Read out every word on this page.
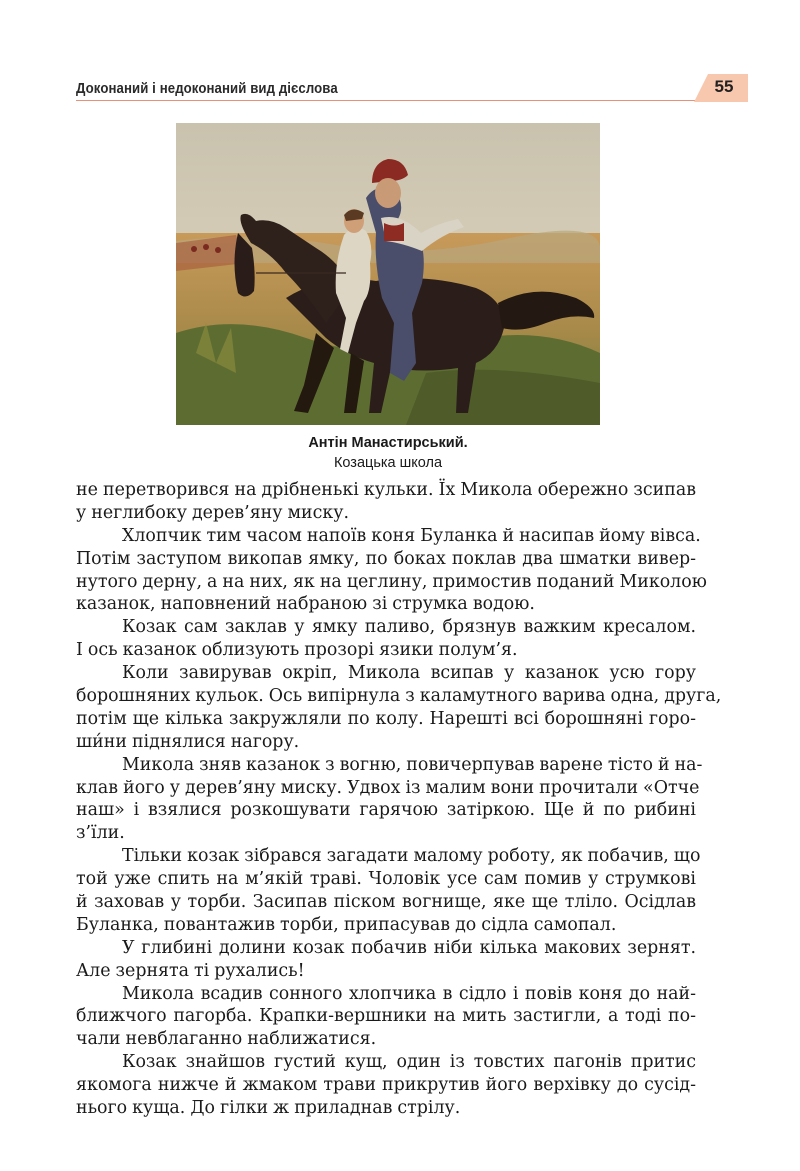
Доконаний і недоконаний вид дієслова	55
Антін Манастирський.
Козацька школа
не перетворився на дрібненькі кульки. Їх Микола обережно зсипав
у неглибоку дерев’яну миску.
Хлопчик тим часом напоїв коня Буланка й насипав йому вівса.
Потім заступом викопав ямку, по боках поклав два шматки вивер-
нутого дерну, а на них, як на цеглину, примостив поданий Миколою
казанок, наповнений набраною зі струмка водою.
Козак сам заклав у ямку паливо, брязнув важким кресалом.
І ось казанок облизують прозорі язики полум’я.
Коли завирував окріп, Микола всипав у казанок усю гору
борошняних кульок. Ось випірнула з каламутного варива одна, друга,
потім ще кілька закружляли по колу. Нарешті всі борошняні горо-
ши́ни піднялися нагору.
Микола зняв казанок з вогню, повичерпував варене тісто й на-
клав його у дерев’яну миску. Удвох із малим вони прочитали «Отче
наш» і взялися розкошувати гарячою затіркою. Ще й по рибині
з’їли.
Тільки козак зібрався загадати малому роботу, як побачив, що
той уже спить на м’якій траві. Чоловік усе сам помив у струмкові
й заховав у торби. Засипав піском вогнище, яке ще тліло. Осідлав
Буланка, повантажив торби, припасував до сідла самопал.
У глибині долини козак побачив ніби кілька макових зернят.
Але зернята ті рухались!
Микола всадив сонного хлопчика в сідло і повів коня до най-
ближчого пагорба. Крапки-вершники на мить застигли, а тоді по-
чали невблаганно наближатися.
Козак знайшов густий кущ, один із товстих пагонів притис
якомога нижче й жмаком трави прикрутив його верхівку до сусід-
нього куща. До гілки ж приладнав стрілу.
